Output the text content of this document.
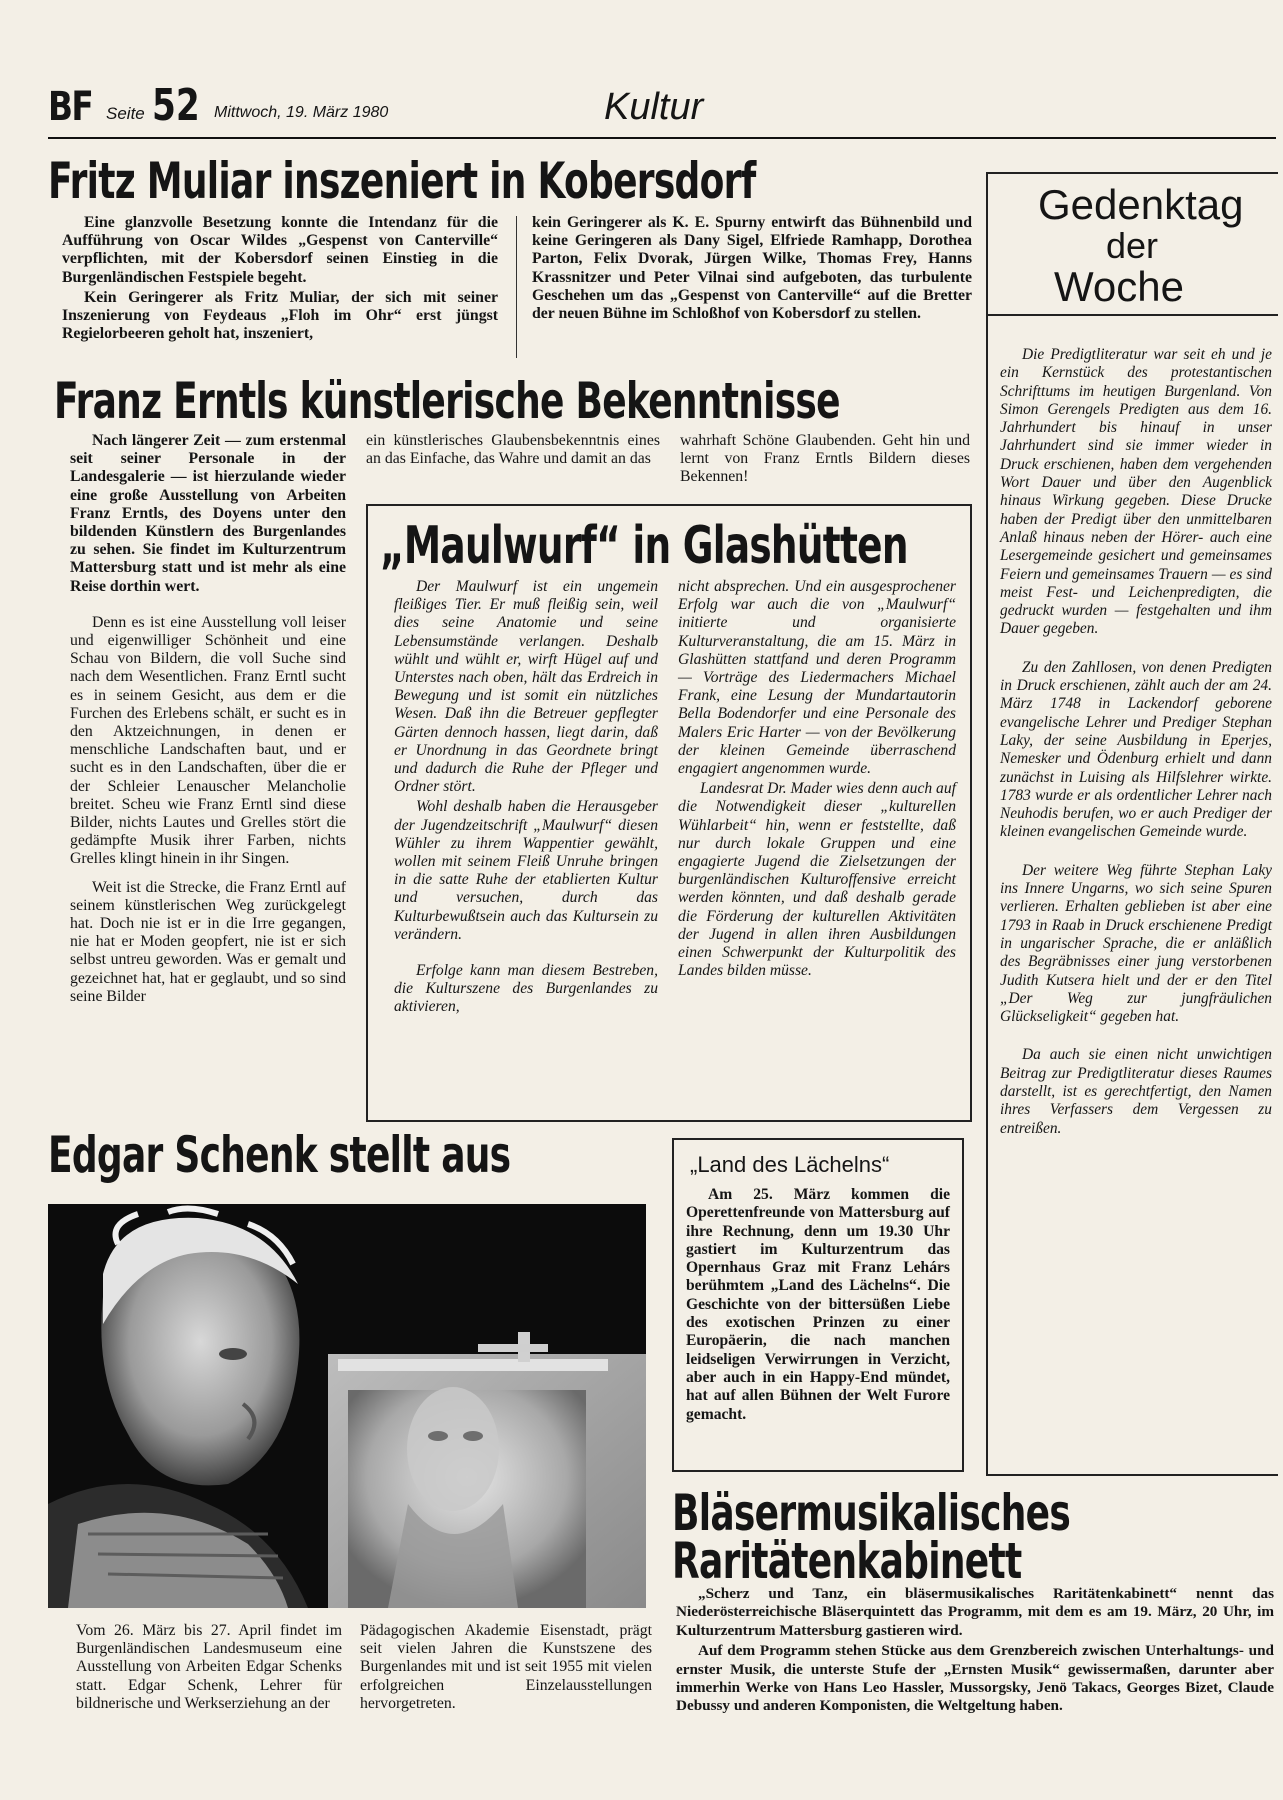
BF Seite 52 Mittwoch, 19. März 1980	Kultur
Fritz Muliar inszeniert in Kobersdorf

Eine glanzvolle Besetzung konnte die Intendanz für die Aufführung von Oscar Wildes „Gespenst von Canterville“ verpflichten, mit der Kobersdorf seinen Einstieg in die Burgenländischen Festspiele begeht.

Kein Geringerer als Fritz Muliar, der sich mit seiner Inszenierung von Feydeaus „Floh im Ohr“ erst jüngst Regielorbeeren geholt hat, inszeniert,

kein Geringerer als K. E. Spurny entwirft das Bühnenbild und keine Geringeren als Dany Sigel, Elfriede Ramhapp, Dorothea Parton, Felix Dvorak, Jürgen Wilke, Thomas Frey, Hanns Krassnitzer und Peter Vilnai sind aufgeboten, das turbulente Geschehen um das „Gespenst von Canterville“ auf die Bretter der neuen Bühne im Schloßhof von Kobersdorf zu stellen.

Gedenktag
der
Woche

Die Predigtliteratur war seit eh und je ein Kernstück des protestantischen Schrifttums im heutigen Burgenland. Von Simon Gerengels Predigten aus dem 16. Jahrhundert bis hinauf in unser Jahrhundert sind sie immer wieder in Druck erschienen, haben dem vergehenden Wort Dauer und über den Augenblick hinaus Wirkung gegeben. Diese Drucke haben der Predigt über den unmittelbaren Anlaß hinaus neben der Hörer- auch eine Lesergemeinde gesichert und gemeinsames Feiern und gemeinsames Trauern — es sind meist Fest- und Leichenpredigten, die gedruckt wurden — festgehalten und ihm Dauer gegeben.

Zu den Zahllosen, von denen Predigten in Druck erschienen, zählt auch der am 24. März 1748 in Lackendorf geborene evangelische Lehrer und Prediger Stephan Laky, der seine Ausbildung in Eperjes, Nemesker und Ödenburg erhielt und dann zunächst in Luising als Hilfslehrer wirkte. 1783 wurde er als ordentlicher Lehrer nach Neuhodis berufen, wo er auch Prediger der kleinen evangelischen Gemeinde wurde.

Der weitere Weg führte Stephan Laky ins Innere Ungarns, wo sich seine Spuren verlieren. Erhalten geblieben ist aber eine 1793 in Raab in Druck erschienene Predigt in ungarischer Sprache, die er anläßlich des Begräbnisses einer jung verstorbenen Judith Kutsera hielt und der er den Titel „Der Weg zur jungfräulichen Glückseligkeit“ gegeben hat.

Da auch sie einen nicht unwichtigen Beitrag zur Predigtliteratur dieses Raumes darstellt, ist es gerechtfertigt, den Namen ihres Verfassers dem Vergessen zu entreißen.

Franz Erntls künstlerische Bekenntnisse

Nach längerer Zeit — zum erstenmal seit seiner Personale in der Landesgalerie — ist hierzulande wieder eine große Ausstellung von Arbeiten Franz Erntls, des Doyens unter den bildenden Künstlern des Burgenlandes zu sehen. Sie findet im Kulturzentrum Mattersburg statt und ist mehr als eine Reise dorthin wert.

Denn es ist eine Ausstellung voll leiser und eigenwilliger Schönheit und eine Schau von Bildern, die voll Suche sind nach dem Wesentlichen. Franz Erntl sucht es in seinem Gesicht, aus dem er die Furchen des Erlebens schält, er sucht es in den Aktzeichnungen, in denen er menschliche Landschaften baut, und er sucht es in den Landschaften, über die er der Schleier Lenauscher Melancholie breitet. Scheu wie Franz Erntl sind diese Bilder, nichts Lautes und Grelles stört die gedämpfte Musik ihrer Farben, nichts Grelles klingt hinein in ihr Singen.

Weit ist die Strecke, die Franz Erntl auf seinem künstlerischen Weg zurückgelegt hat. Doch nie ist er in die Irre gegangen, nie hat er Moden geopfert, nie ist er sich selbst untreu geworden. Was er gemalt und gezeichnet hat, hat er geglaubt, und so sind seine Bilder

ein künstlerisches Glaubensbekenntnis eines an das Einfache, das Wahre und damit an das

wahrhaft Schöne Glaubenden. Geht hin und lernt von Franz Erntls Bildern dieses Bekennen!

„Maulwurf“ in Glashütten

Der Maulwurf ist ein ungemein fleißiges Tier. Er muß fleißig sein, weil dies seine Anatomie und seine Lebensumstände verlangen. Deshalb wühlt und wühlt er, wirft Hügel auf und Unterstes nach oben, hält das Erdreich in Bewegung und ist somit ein nützliches Wesen. Daß ihn die Betreuer gepflegter Gärten dennoch hassen, liegt darin, daß er Unordnung in das Geordnete bringt und dadurch die Ruhe der Pfleger und Ordner stört.

Wohl deshalb haben die Herausgeber der Jugendzeitschrift „Maulwurf“ diesen Wühler zu ihrem Wappentier gewählt, wollen mit seinem Fleiß Unruhe bringen in die satte Ruhe der etablierten Kultur und versuchen, durch das Kulturbewußtsein auch das Kultursein zu verändern.

Erfolge kann man diesem Bestreben, die Kulturszene des Burgenlandes zu aktivieren,

nicht absprechen. Und ein ausgesprochener Erfolg war auch die von „Maulwurf“ initierte und organisierte Kulturveranstaltung, die am 15. März in Glashütten stattfand und deren Programm — Vorträge des Liedermachers Michael Frank, eine Lesung der Mundartautorin Bella Bodendorfer und eine Personale des Malers Eric Harter — von der Bevölkerung der kleinen Gemeinde überraschend engagiert angenommen wurde.

Landesrat Dr. Mader wies denn auch auf die Notwendigkeit dieser „kulturellen Wühlarbeit“ hin, wenn er feststellte, daß nur durch lokale Gruppen und eine engagierte Jugend die Zielsetzungen der burgenländischen Kulturoffensive erreicht werden könnten, und daß deshalb gerade die Förderung der kulturellen Aktivitäten der Jugend in allen ihren Ausbildungen einen Schwerpunkt der Kulturpolitik des Landes bilden müsse.

Edgar Schenk stellt aus

Vom 26. März bis 27. April findet im Burgenländischen Landesmuseum eine Ausstellung von Arbeiten Edgar Schenks statt. Edgar Schenk, Lehrer für bildnerische und Werkserziehung an der

Pädagogischen Akademie Eisenstadt, prägt seit vielen Jahren die Kunstszene des Burgenlandes mit und ist seit 1955 mit vielen erfolgreichen Einzelausstellungen hervorgetreten.

„Land des Lächelns“

Am 25. März kommen die Operettenfreunde von Mattersburg auf ihre Rechnung, denn um 19.30 Uhr gastiert im Kulturzentrum das Opernhaus Graz mit Franz Lehárs berühmtem „Land des Lächelns“. Die Geschichte von der bittersüßen Liebe des exotischen Prinzen zu einer Europäerin, die nach manchen leidseligen Verwirrungen in Verzicht, aber auch in ein Happy-End mündet, hat auf allen Bühnen der Welt Furore gemacht.

Bläsermusikalisches
Raritätenkabinett

„Scherz und Tanz, ein bläsermusikalisches Raritätenkabinett“ nennt das Niederösterreichische Bläserquintett das Programm, mit dem es am 19. März, 20 Uhr, im Kulturzentrum Mattersburg gastieren wird.

Auf dem Programm stehen Stücke aus dem Grenzbereich zwischen Unterhaltungs- und ernster Musik, die unterste Stufe der „Ernsten Musik“ gewissermaßen, darunter aber immerhin Werke von Hans Leo Hassler, Mussorgsky, Jenö Takacs, Georges Bizet, Claude Debussy und anderen Komponisten, die Weltgeltung haben.
